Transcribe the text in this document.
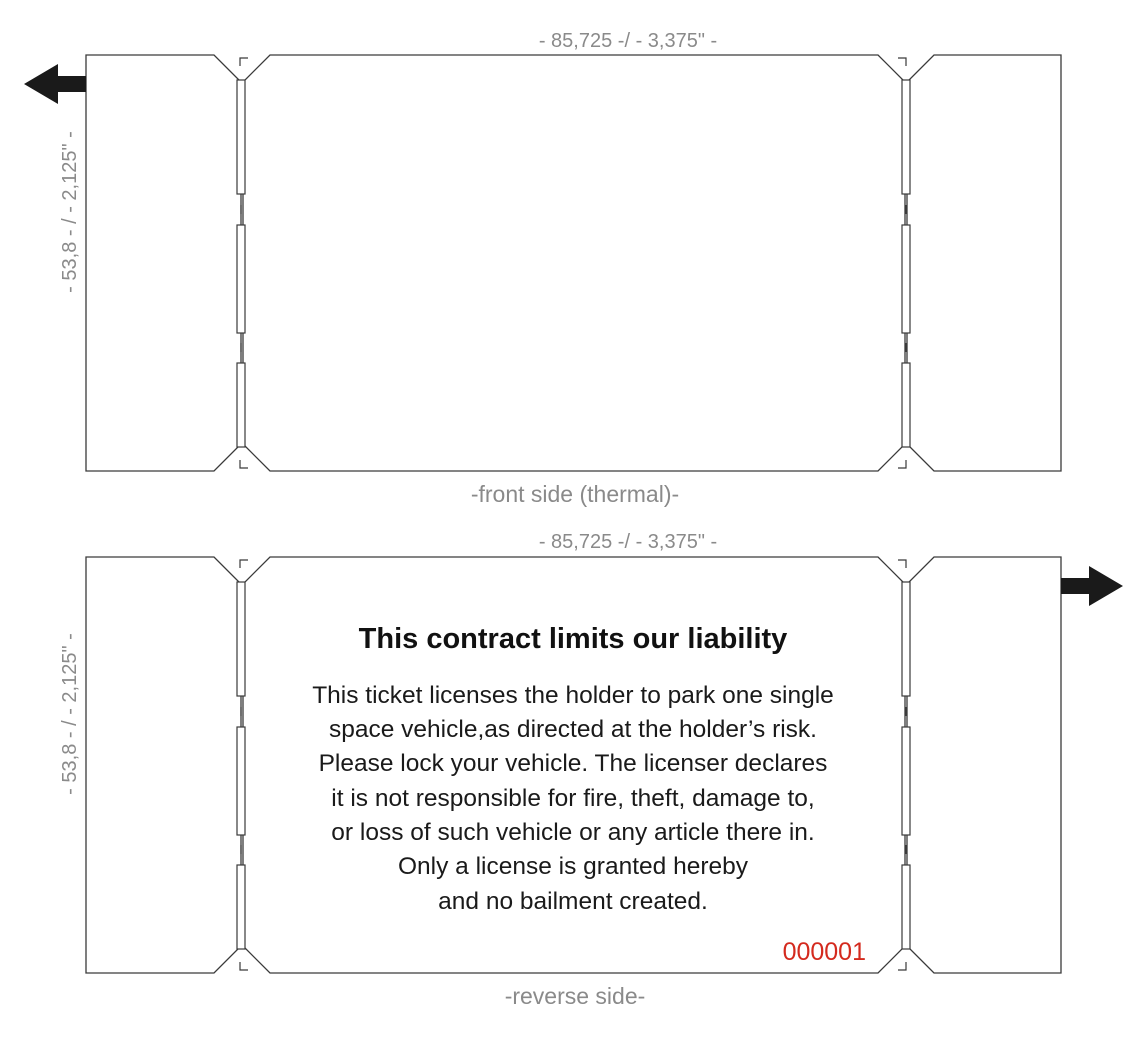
- 85,725 -/ - 3,375" -
- 53,8 - / - 2,125" -
-front side (thermal)-
- 85,725 -/ - 3,375" -
- 53,8 - / - 2,125" -	This contract limits our liability
This ticket licenses the holder to park one single
space vehicle,as directed at the holder’s risk.
Please lock your vehicle. The licenser declares
it is not responsible for fire, theft, damage to,
or loss of such vehicle or any article there in.
Only a license is granted hereby
and no bailment created.
000001
-reverse side-
